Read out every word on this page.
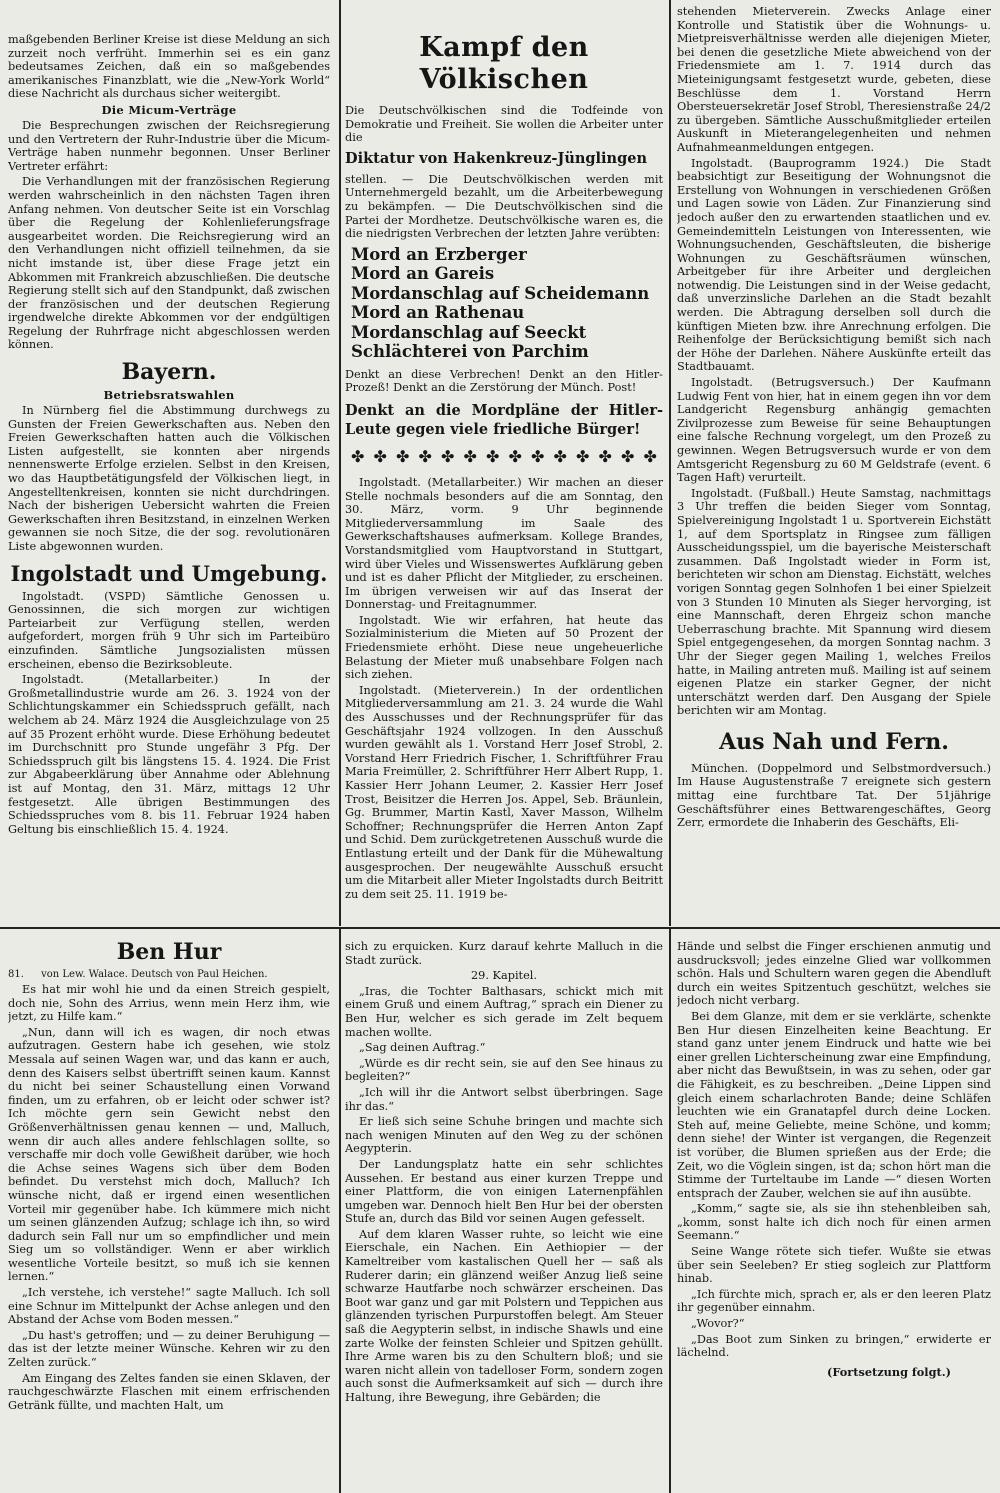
maßgebenden Berliner Kreise ist diese Meldung an sich zurzeit noch verfrüht. Immerhin sei es ein ganz bedeutsames Zeichen, daß ein so maßgebendes amerikanisches Finanzblatt, wie die „New-York World“ diese Nachricht als durchaus sicher weitergibt.

Die Micum-Verträge

Die Besprechungen zwischen der Reichsregierung und den Vertretern der Ruhr-Industrie über die Micum-Verträge haben nunmehr begonnen. Unser Berliner Vertreter erfährt:

Die Verhandlungen mit der französischen Regierung werden wahrscheinlich in den nächsten Tagen ihren Anfang nehmen. Von deutscher Seite ist ein Vorschlag über die Regelung der Kohlenlieferungsfrage ausgearbeitet worden. Die Reichsregierung wird an den Verhandlungen nicht offiziell teilnehmen, da sie nicht imstande ist, über diese Frage jetzt ein Abkommen mit Frankreich abzuschließen. Die deutsche Regierung stellt sich auf den Standpunkt, daß zwischen der französischen und der deutschen Regierung irgendwelche direkte Abkommen vor der endgültigen Regelung der Ruhrfrage nicht abgeschlossen werden können.

Bayern.
Betriebsratswahlen

In Nürnberg fiel die Abstimmung durchwegs zu Gunsten der Freien Gewerkschaften aus. Neben den Freien Gewerkschaften hatten auch die Völkischen Listen aufgestellt, sie konnten aber nirgends nennenswerte Erfolge erzielen. Selbst in den Kreisen, wo das Hauptbetätigungsfeld der Völkischen liegt, in Angestelltenkreisen, konnten sie nicht durchdringen. Nach der bisherigen Uebersicht wahrten die Freien Gewerkschaften ihren Besitzstand, in einzelnen Werken gewannen sie noch Sitze, die der sog. revolutionären Liste abgewonnen wurden.

Ingolstadt und Umgebung.

Ingolstadt. (VSPD) Sämtliche Genossen u. Genossinnen, die sich morgen zur wichtigen Parteiarbeit zur Verfügung stellen, werden aufgefordert, morgen früh 9 Uhr sich im Parteibüro einzufinden. Sämtliche Jungsozialisten müssen erscheinen, ebenso die Bezirksobleute.

Ingolstadt. (Metallarbeiter.) In der Großmetallindustrie wurde am 26. 3. 1924 von der Schlichtungskammer ein Schiedsspruch gefällt, nach welchem ab 24. März 1924 die Ausgleichzulage von 25 auf 35 Prozent erhöht wurde. Diese Erhöhung bedeutet im Durchschnitt pro Stunde ungefähr 3 Pfg. Der Schiedsspruch gilt bis längstens 15. 4. 1924. Die Frist zur Abgabeerklärung über Annahme oder Ablehnung ist auf Montag, den 31. März, mittags 12 Uhr festgesetzt. Alle übrigen Bestimmungen des Schiedsspruches vom 8. bis 11. Februar 1924 haben Geltung bis einschließlich 15. 4. 1924.

Kampf den Völkischen

Die Deutschvölkischen sind die Todfeinde von Demokratie und Freiheit. Sie wollen die Arbeiter unter die

Diktatur von Hakenkreuz-Jünglingen

stellen. — Die Deutschvölkischen werden mit Unternehmergeld bezahlt, um die Arbeiterbewegung zu bekämpfen. — Die Deutschvölkischen sind die Partei der Mordhetze. Deutschvölkische waren es, die die niedrigsten Verbrechen der letzten Jahre verübten:

Mord an Erzberger
Mord an Gareis
Mordanschlag auf Scheidemann
Mord an Rathenau
Mordanschlag auf Seeckt
Schlächterei von Parchim

Denkt an diese Verbrechen! Denkt an den Hitler-Prozeß! Denkt an die Zerstörung der Münch. Post!

Denkt an die Mordpläne der Hitler-Leute gegen viele friedliche Bürger!
✤ ✤ ✤ ✤ ✤ ✤ ✤ ✤ ✤ ✤ ✤ ✤ ✤ ✤

Ingolstadt. (Metallarbeiter.) Wir machen an dieser Stelle nochmals besonders auf die am Sonntag, den 30. März, vorm. 9 Uhr beginnende Mitgliederversammlung im Saale des Gewerkschaftshauses aufmerksam. Kollege Brandes, Vorstandsmitglied vom Hauptvorstand in Stuttgart, wird über Vieles und Wissenswertes Aufklärung geben und ist es daher Pflicht der Mitglieder, zu erscheinen. Im übrigen verweisen wir auf das Inserat der Donnerstag- und Freitagnummer.

Ingolstadt. Wie wir erfahren, hat heute das Sozialministerium die Mieten auf 50 Prozent der Friedensmiete erhöht. Diese neue ungeheuerliche Belastung der Mieter muß unabsehbare Folgen nach sich ziehen.

Ingolstadt. (Mieterverein.) In der ordentlichen Mitgliederversammlung am 21. 3. 24 wurde die Wahl des Ausschusses und der Rechnungsprüfer für das Geschäftsjahr 1924 vollzogen. In den Ausschuß wurden gewählt als 1. Vorstand Herr Josef Strobl, 2. Vorstand Herr Friedrich Fischer, 1. Schriftführer Frau Maria Freimüller, 2. Schriftführer Herr Albert Rupp, 1. Kassier Herr Johann Leumer, 2. Kassier Herr Josef Trost, Beisitzer die Herren Jos. Appel, Seb. Bräunlein, Gg. Brummer, Martin Kastl, Xaver Masson, Wilhelm Schoffner; Rechnungsprüfer die Herren Anton Zapf und Schid. Dem zurückgetretenen Ausschuß wurde die Entlastung erteilt und der Dank für die Mühewaltung ausgesprochen. Der neugewählte Ausschuß ersucht um die Mitarbeit aller Mieter Ingolstadts durch Beitritt zu dem seit 25. 11. 1919 be-

stehenden Mieterverein. Zwecks Anlage einer Kontrolle und Statistik über die Wohnungs- u. Mietpreisverhältnisse werden alle diejenigen Mieter, bei denen die gesetzliche Miete abweichend von der Friedensmiete am 1. 7. 1914 durch das Mieteinigungsamt festgesetzt wurde, gebeten, diese Beschlüsse dem 1. Vorstand Herrn Obersteuersekretär Josef Strobl, Theresienstraße 24/2 zu übergeben. Sämtliche Ausschußmitglieder erteilen Auskunft in Mieterangelegenheiten und nehmen Aufnahmeanmeldungen entgegen.

Ingolstadt. (Bauprogramm 1924.) Die Stadt beabsichtigt zur Beseitigung der Wohnungsnot die Erstellung von Wohnungen in verschiedenen Größen und Lagen sowie von Läden. Zur Finanzierung sind jedoch außer den zu erwartenden staatlichen und ev. Gemeindemitteln Leistungen von Interessenten, wie Wohnungsuchenden, Geschäftsleuten, die bisherige Wohnungen zu Geschäftsräumen wünschen, Arbeitgeber für ihre Arbeiter und dergleichen notwendig. Die Leistungen sind in der Weise gedacht, daß unverzinsliche Darlehen an die Stadt bezahlt werden. Die Abtragung derselben soll durch die künftigen Mieten bzw. ihre Anrechnung erfolgen. Die Reihenfolge der Berücksichtigung bemißt sich nach der Höhe der Darlehen. Nähere Auskünfte erteilt das Stadtbauamt.

Ingolstadt. (Betrugsversuch.) Der Kaufmann Ludwig Fent von hier, hat in einem gegen ihn vor dem Landgericht Regensburg anhängig gemachten Zivilprozesse zum Beweise für seine Behauptungen eine falsche Rechnung vorgelegt, um den Prozeß zu gewinnen. Wegen Betrugsversuch wurde er von dem Amtsgericht Regensburg zu 60 M Geldstrafe (event. 6 Tagen Haft) verurteilt.

Ingolstadt. (Fußball.) Heute Samstag, nachmittags 3 Uhr treffen die beiden Sieger vom Sonntag, Spielvereinigung Ingolstadt 1 u. Sportverein Eichstätt 1, auf dem Sportsplatz in Ringsee zum fälligen Ausscheidungsspiel, um die bayerische Meisterschaft zusammen. Daß Ingolstadt wieder in Form ist, berichteten wir schon am Dienstag. Eichstätt, welches vorigen Sonntag gegen Solnhofen 1 bei einer Spielzeit von 3 Stunden 10 Minuten als Sieger hervorging, ist eine Mannschaft, deren Ehrgeiz schon manche Ueberraschung brachte. Mit Spannung wird diesem Spiel entgegengesehen, da morgen Sonntag nachm. 3 Uhr der Sieger gegen Mailing 1, welches Freilos hatte, in Mailing antreten muß. Mailing ist auf seinem eigenen Platze ein starker Gegner, der nicht unterschätzt werden darf. Den Ausgang der Spiele berichten wir am Montag.

Aus Nah und Fern.

München. (Doppelmord und Selbstmordversuch.) Im Hause Augustenstraße 7 ereignete sich gestern mittag eine furchtbare Tat. Der 51jährige Geschäftsführer eines Bettwarengeschäftes, Georg Zerr, ermordete die Inhaberin des Geschäfts, Eli-

Ben Hur
81. von Lew. Walace. Deutsch von Paul Heichen.

Es hat mir wohl hie und da einen Streich gespielt, doch nie, Sohn des Arrius, wenn mein Herz ihm, wie jetzt, zu Hilfe kam.“

„Nun, dann will ich es wagen, dir noch etwas aufzutragen. Gestern habe ich gesehen, wie stolz Messala auf seinen Wagen war, und das kann er auch, denn des Kaisers selbst übertrifft seinen kaum. Kannst du nicht bei seiner Schaustellung einen Vorwand finden, um zu erfahren, ob er leicht oder schwer ist? Ich möchte gern sein Gewicht nebst den Größenverhältnissen genau kennen — und, Malluch, wenn dir auch alles andere fehlschlagen sollte, so verschaffe mir doch volle Gewißheit darüber, wie hoch die Achse seines Wagens sich über dem Boden befindet. Du verstehst mich doch, Malluch? Ich wünsche nicht, daß er irgend einen wesentlichen Vorteil mir gegenüber habe. Ich kümmere mich nicht um seinen glänzenden Aufzug; schlage ich ihn, so wird dadurch sein Fall nur um so empfindlicher und mein Sieg um so vollständiger. Wenn er aber wirklich wesentliche Vorteile besitzt, so muß ich sie kennen lernen.“

„Ich verstehe, ich verstehe!“ sagte Malluch. Ich soll eine Schnur im Mittelpunkt der Achse anlegen und den Abstand der Achse vom Boden messen.“

„Du hast's getroffen; und — zu deiner Beruhigung — das ist der letzte meiner Wünsche. Kehren wir zu den Zelten zurück.“

Am Eingang des Zeltes fanden sie einen Sklaven, der rauchgeschwärzte Flaschen mit einem erfrischenden Getränk füllte, und machten Halt, um

sich zu erquicken. Kurz darauf kehrte Malluch in die Stadt zurück.

29. Kapitel.

„Iras, die Tochter Balthasars, schickt mich mit einem Gruß und einem Auftrag,“ sprach ein Diener zu Ben Hur, welcher es sich gerade im Zelt bequem machen wollte.

„Sag deinen Auftrag.“

„Würde es dir recht sein, sie auf den See hinaus zu begleiten?“

„Ich will ihr die Antwort selbst überbringen. Sage ihr das.“

Er ließ sich seine Schuhe bringen und machte sich nach wenigen Minuten auf den Weg zu der schönen Aegypterin.

Der Landungsplatz hatte ein sehr schlichtes Aussehen. Er bestand aus einer kurzen Treppe und einer Plattform, die von einigen Laternenpfählen umgeben war. Dennoch hielt Ben Hur bei der obersten Stufe an, durch das Bild vor seinen Augen gefesselt.

Auf dem klaren Wasser ruhte, so leicht wie eine Eierschale, ein Nachen. Ein Aethiopier — der Kameltreiber vom kastalischen Quell her — saß als Ruderer darin; ein glänzend weißer Anzug ließ seine schwarze Hautfarbe noch schwärzer erscheinen. Das Boot war ganz und gar mit Polstern und Teppichen aus glänzenden tyrischen Purpurstoffen belegt. Am Steuer saß die Aegypterin selbst, in indische Shawls und eine zarte Wolke der feinsten Schleier und Spitzen gehüllt. Ihre Arme waren bis zu den Schultern bloß; und sie waren nicht allein von tadelloser Form, sondern zogen auch sonst die Aufmerksamkeit auf sich — durch ihre Haltung, ihre Bewegung, ihre Gebärden; die

Hände und selbst die Finger erschienen anmutig und ausdrucksvoll; jedes einzelne Glied war vollkommen schön. Hals und Schultern waren gegen die Abendluft durch ein weites Spitzentuch geschützt, welches sie jedoch nicht verbarg.

Bei dem Glanze, mit dem er sie verklärte, schenkte Ben Hur diesen Einzelheiten keine Beachtung. Er stand ganz unter jenem Eindruck und hatte wie bei einer grellen Lichterscheinung zwar eine Empfindung, aber nicht das Bewußtsein, in was zu sehen, oder gar die Fähigkeit, es zu beschreiben. „Deine Lippen sind gleich einem scharlachroten Bande; deine Schläfen leuchten wie ein Granatapfel durch deine Locken. Steh auf, meine Geliebte, meine Schöne, und komm; denn siehe! der Winter ist vergangen, die Regenzeit ist vorüber, die Blumen sprießen aus der Erde; die Zeit, wo die Vöglein singen, ist da; schon hört man die Stimme der Turteltaube im Lande —“ diesen Worten entsprach der Zauber, welchen sie auf ihn ausübte.

„Komm,“ sagte sie, als sie ihn stehenbleiben sah, „komm, sonst halte ich dich noch für einen armen Seemann.“

Seine Wange rötete sich tiefer. Wußte sie etwas über sein Seeleben? Er stieg sogleich zur Plattform hinab.

„Ich fürchte mich, sprach er, als er den leeren Platz ihr gegenüber einnahm.

„Wovor?“

„Das Boot zum Sinken zu bringen,“ erwiderte er lächelnd.

(Fortsetzung folgt.)
